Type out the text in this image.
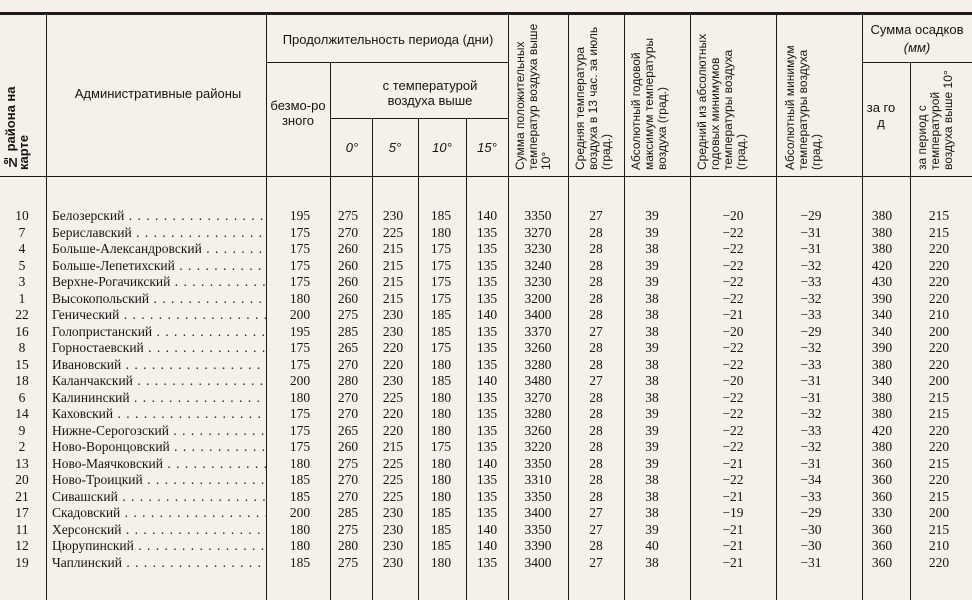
№ района на карте
Административные районы
Продолжительность периода (дни)
безмо-розного
с температурой воздуха выше
0°	5°	10°	15°	Сумма положительных температур воздуха выше 10°	Средняя температура воздуха в 13 час. за июль (град.)	Абсолютный годовой максимум температуры воздуха (град.)	Средний из абсолютных годовых минимумов температуры воздуха (град.)	Абсолютный минимум температуры воздуха (град.)
Сумма осадков
(мм)
за год	за период с температурой воздуха выше 10°
10	Белозерский . . .	195	275	230	185	140	3350	27	39	−20	−29	380	215
7	Бериславский . . .	175	270	225	180	135	3270	28	39	−22	−31	380	215
4	Больше-Александровский . . .	175	260	215	175	135	3230	28	38	−22	−31	380	220
5	Больше-Лепетихский . . .	175	260	215	175	135	3240	28	39	−22	−32	420	220
3	Верхне-Рогачикский . . .	175	260	215	175	135	3230	28	39	−22	−33	430	220
1	Высокопольский . . .	180	260	215	175	135	3200	28	38	−22	−32	390	220
22	Генический . . .	200	275	230	185	140	3400	28	38	−21	−33	340	210
16	Голопристанский . . .	195	285	230	185	135	3370	27	38	−20	−29	340	200
8	Горностаевский . . .	175	265	220	175	135	3260	28	39	−22	−32	390	220
15	Ивановский . . .	175	270	220	180	135	3280	28	38	−22	−33	380	220
18	Каланчакский . . .	200	280	230	185	140	3480	27	38	−20	−31	340	200
6	Калининский . . .	180	270	225	180	135	3270	28	38	−22	−31	380	215
14	Каховский . . .	175	270	220	180	135	3280	28	39	−22	−32	380	215
9	Нижне-Серогозский . . .	175	265	220	180	135	3260	28	39	−22	−33	420	220
2	Ново-Воронцовский . . .	175	260	215	175	135	3220	28	39	−22	−32	380	220
13	Ново-Маячковский . . .	180	275	225	180	140	3350	28	39	−21	−31	360	215
20	Ново-Троицкий . . .	185	270	225	180	135	3310	28	38	−22	−34	360	220
21	Сивашский . . .	185	270	225	180	135	3350	28	38	−21	−33	360	215
17	Скадовский . . .	200	285	230	185	135	3400	27	38	−19	−29	330	200
11	Херсонский . . .	180	275	230	185	140	3350	27	39	−21	−30	360	215
12	Цюрупинский . . .	180	280	230	185	140	3390	28	40	−21	−30	360	210
19	Чаплинский . . .	185	275	230	180	135	3400	27	38	−21	−31	360	220
